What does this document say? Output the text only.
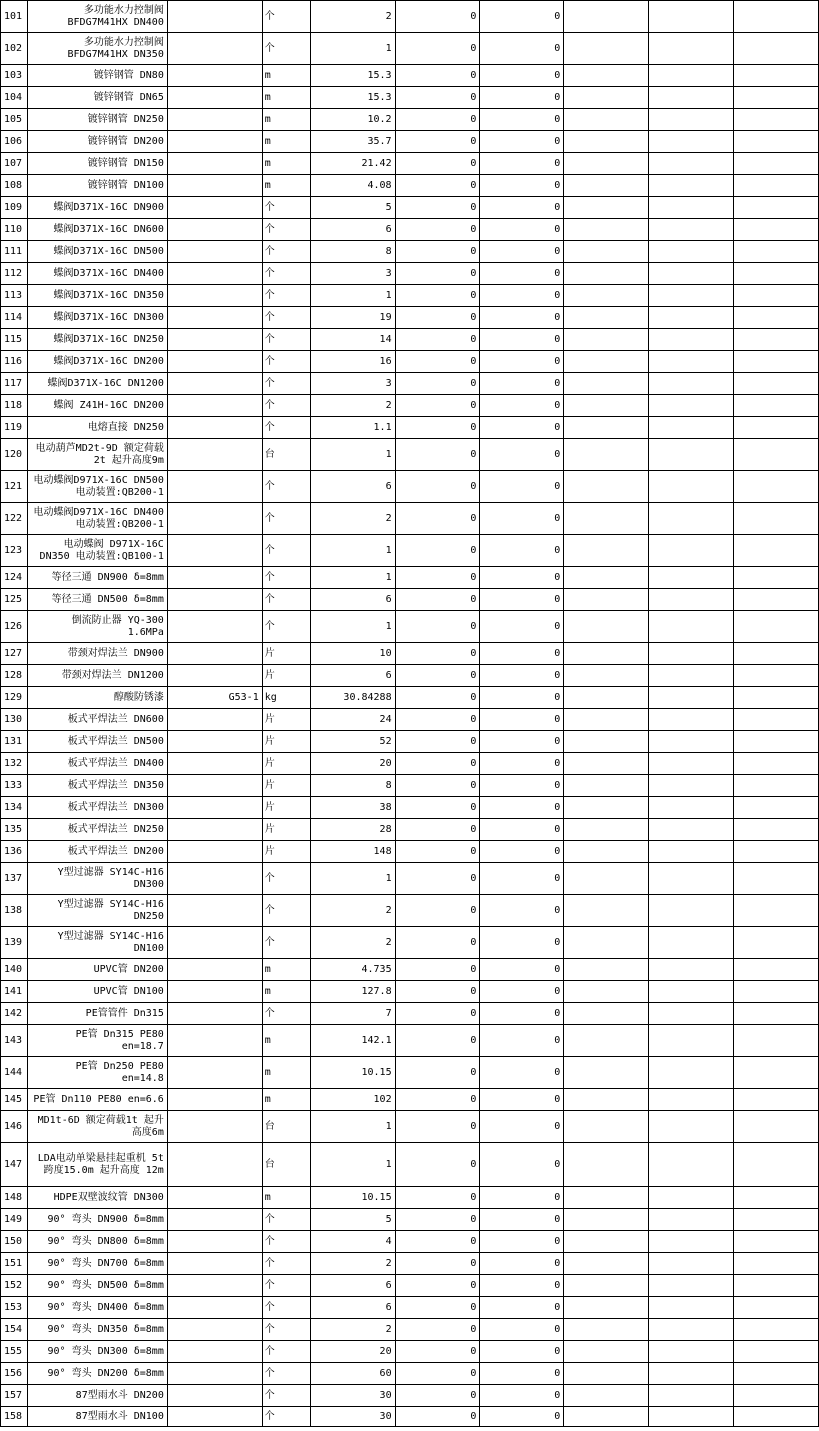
101	多功能水力控制阀 BFDG7M41HX DN400		个	2	0	0			
102	多功能水力控制阀 BFDG7M41HX DN350		个	1	0	0			
103	镀锌钢管 DN80		m	15.3	0	0			
104	镀锌钢管 DN65		m	15.3	0	0			
105	镀锌钢管 DN250		m	10.2	0	0			
106	镀锌钢管 DN200		m	35.7	0	0			
107	镀锌钢管 DN150		m	21.42	0	0			
108	镀锌钢管 DN100		m	4.08	0	0			
109	蝶阀D371X-16C DN900		个	5	0	0			
110	蝶阀D371X-16C DN600		个	6	0	0			
111	蝶阀D371X-16C DN500		个	8	0	0			
112	蝶阀D371X-16C DN400		个	3	0	0			
113	蝶阀D371X-16C DN350		个	1	0	0			
114	蝶阀D371X-16C DN300		个	19	0	0			
115	蝶阀D371X-16C DN250		个	14	0	0			
116	蝶阀D371X-16C DN200		个	16	0	0			
117	蝶阀D371X-16C DN1200		个	3	0	0			
118	蝶阀 Z41H-16C DN200		个	2	0	0			
119	电熔直接 DN250		个	1.1	0	0			
120	电动葫芦MD2t-9D 额定荷载2t 起升高度9m		台	1	0	0			
121	电动蝶阀D971X-16C DN500 电动装置:QB200-1		个	6	0	0			
122	电动蝶阀D971X-16C DN400 电动装置:QB200-1		个	2	0	0			
123	电动蝶阀 D971X-16C DN350 电动装置:QB100-1		个	1	0	0			
124	等径三通 DN900 δ=8mm		个	1	0	0			
125	等径三通 DN500 δ=8mm		个	6	0	0			
126	倒流防止器 YQ-300 1.6MPa		个	1	0	0			
127	带颈对焊法兰 DN900		片	10	0	0			
128	带颈对焊法兰 DN1200		片	6	0	0			
129	醇酸防锈漆	G53-1	kg	30.84288	0	0			
130	板式平焊法兰 DN600		片	24	0	0			
131	板式平焊法兰 DN500		片	52	0	0			
132	板式平焊法兰 DN400		片	20	0	0			
133	板式平焊法兰 DN350		片	8	0	0			
134	板式平焊法兰 DN300		片	38	0	0			
135	板式平焊法兰 DN250		片	28	0	0			
136	板式平焊法兰 DN200		片	148	0	0			
137	Y型过滤器 SY14C-H16 DN300		个	1	0	0			
138	Y型过滤器 SY14C-H16 DN250		个	2	0	0			
139	Y型过滤器 SY14C-H16 DN100		个	2	0	0			
140	UPVC管 DN200		m	4.735	0	0			
141	UPVC管 DN100		m	127.8	0	0			
142	PE管管件 Dn315		个	7	0	0			
143	PE管 Dn315 PE80 en=18.7		m	142.1	0	0			
144	PE管 Dn250 PE80 en=14.8		m	10.15	0	0			
145	PE管 Dn110 PE80 en=6.6		m	102	0	0			
146	MD1t-6D 额定荷载1t 起升高度6m		台	1	0	0			
147	LDA电动单梁悬挂起重机 5t 跨度15.0m 起升高度 12m		台	1	0	0			
148	HDPE双壁波纹管 DN300		m	10.15	0	0			
149	90° 弯头 DN900 δ=8mm		个	5	0	0			
150	90° 弯头 DN800 δ=8mm		个	4	0	0			
151	90° 弯头 DN700 δ=8mm		个	2	0	0			
152	90° 弯头 DN500 δ=8mm		个	6	0	0			
153	90° 弯头 DN400 δ=8mm		个	6	0	0			
154	90° 弯头 DN350 δ=8mm		个	2	0	0			
155	90° 弯头 DN300 δ=8mm		个	20	0	0			
156	90° 弯头 DN200 δ=8mm		个	60	0	0			
157	87型雨水斗 DN200		个	30	0	0			
158	87型雨水斗 DN100		个	30	0	0			
